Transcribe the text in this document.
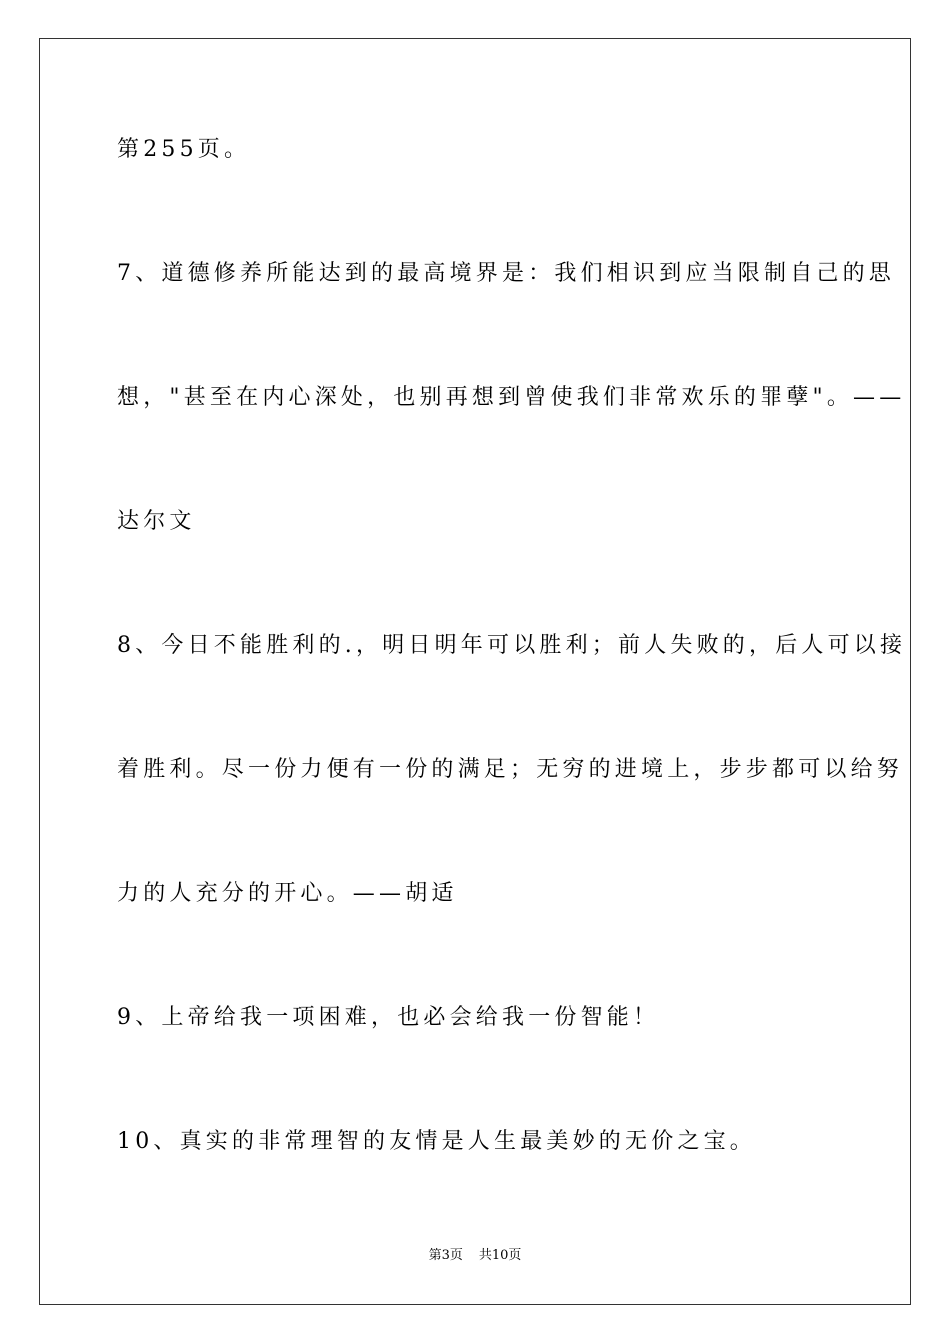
第255页。
7、道德修养所能达到的最高境界是：我们相识到应当限制自己的思
想，"甚至在内心深处，也别再想到曾使我们非常欢乐的罪孽"。——
达尔文
8、今日不能胜利的.，明日明年可以胜利；前人失败的，后人可以接
着胜利。尽一份力便有一份的满足；无穷的进境上，步步都可以给努
力的人充分的开心。——胡适
9、上帝给我一项困难，也必会给我一份智能！
10、真实的非常理智的友情是人生最美妙的无价之宝。
第3页 共10页
